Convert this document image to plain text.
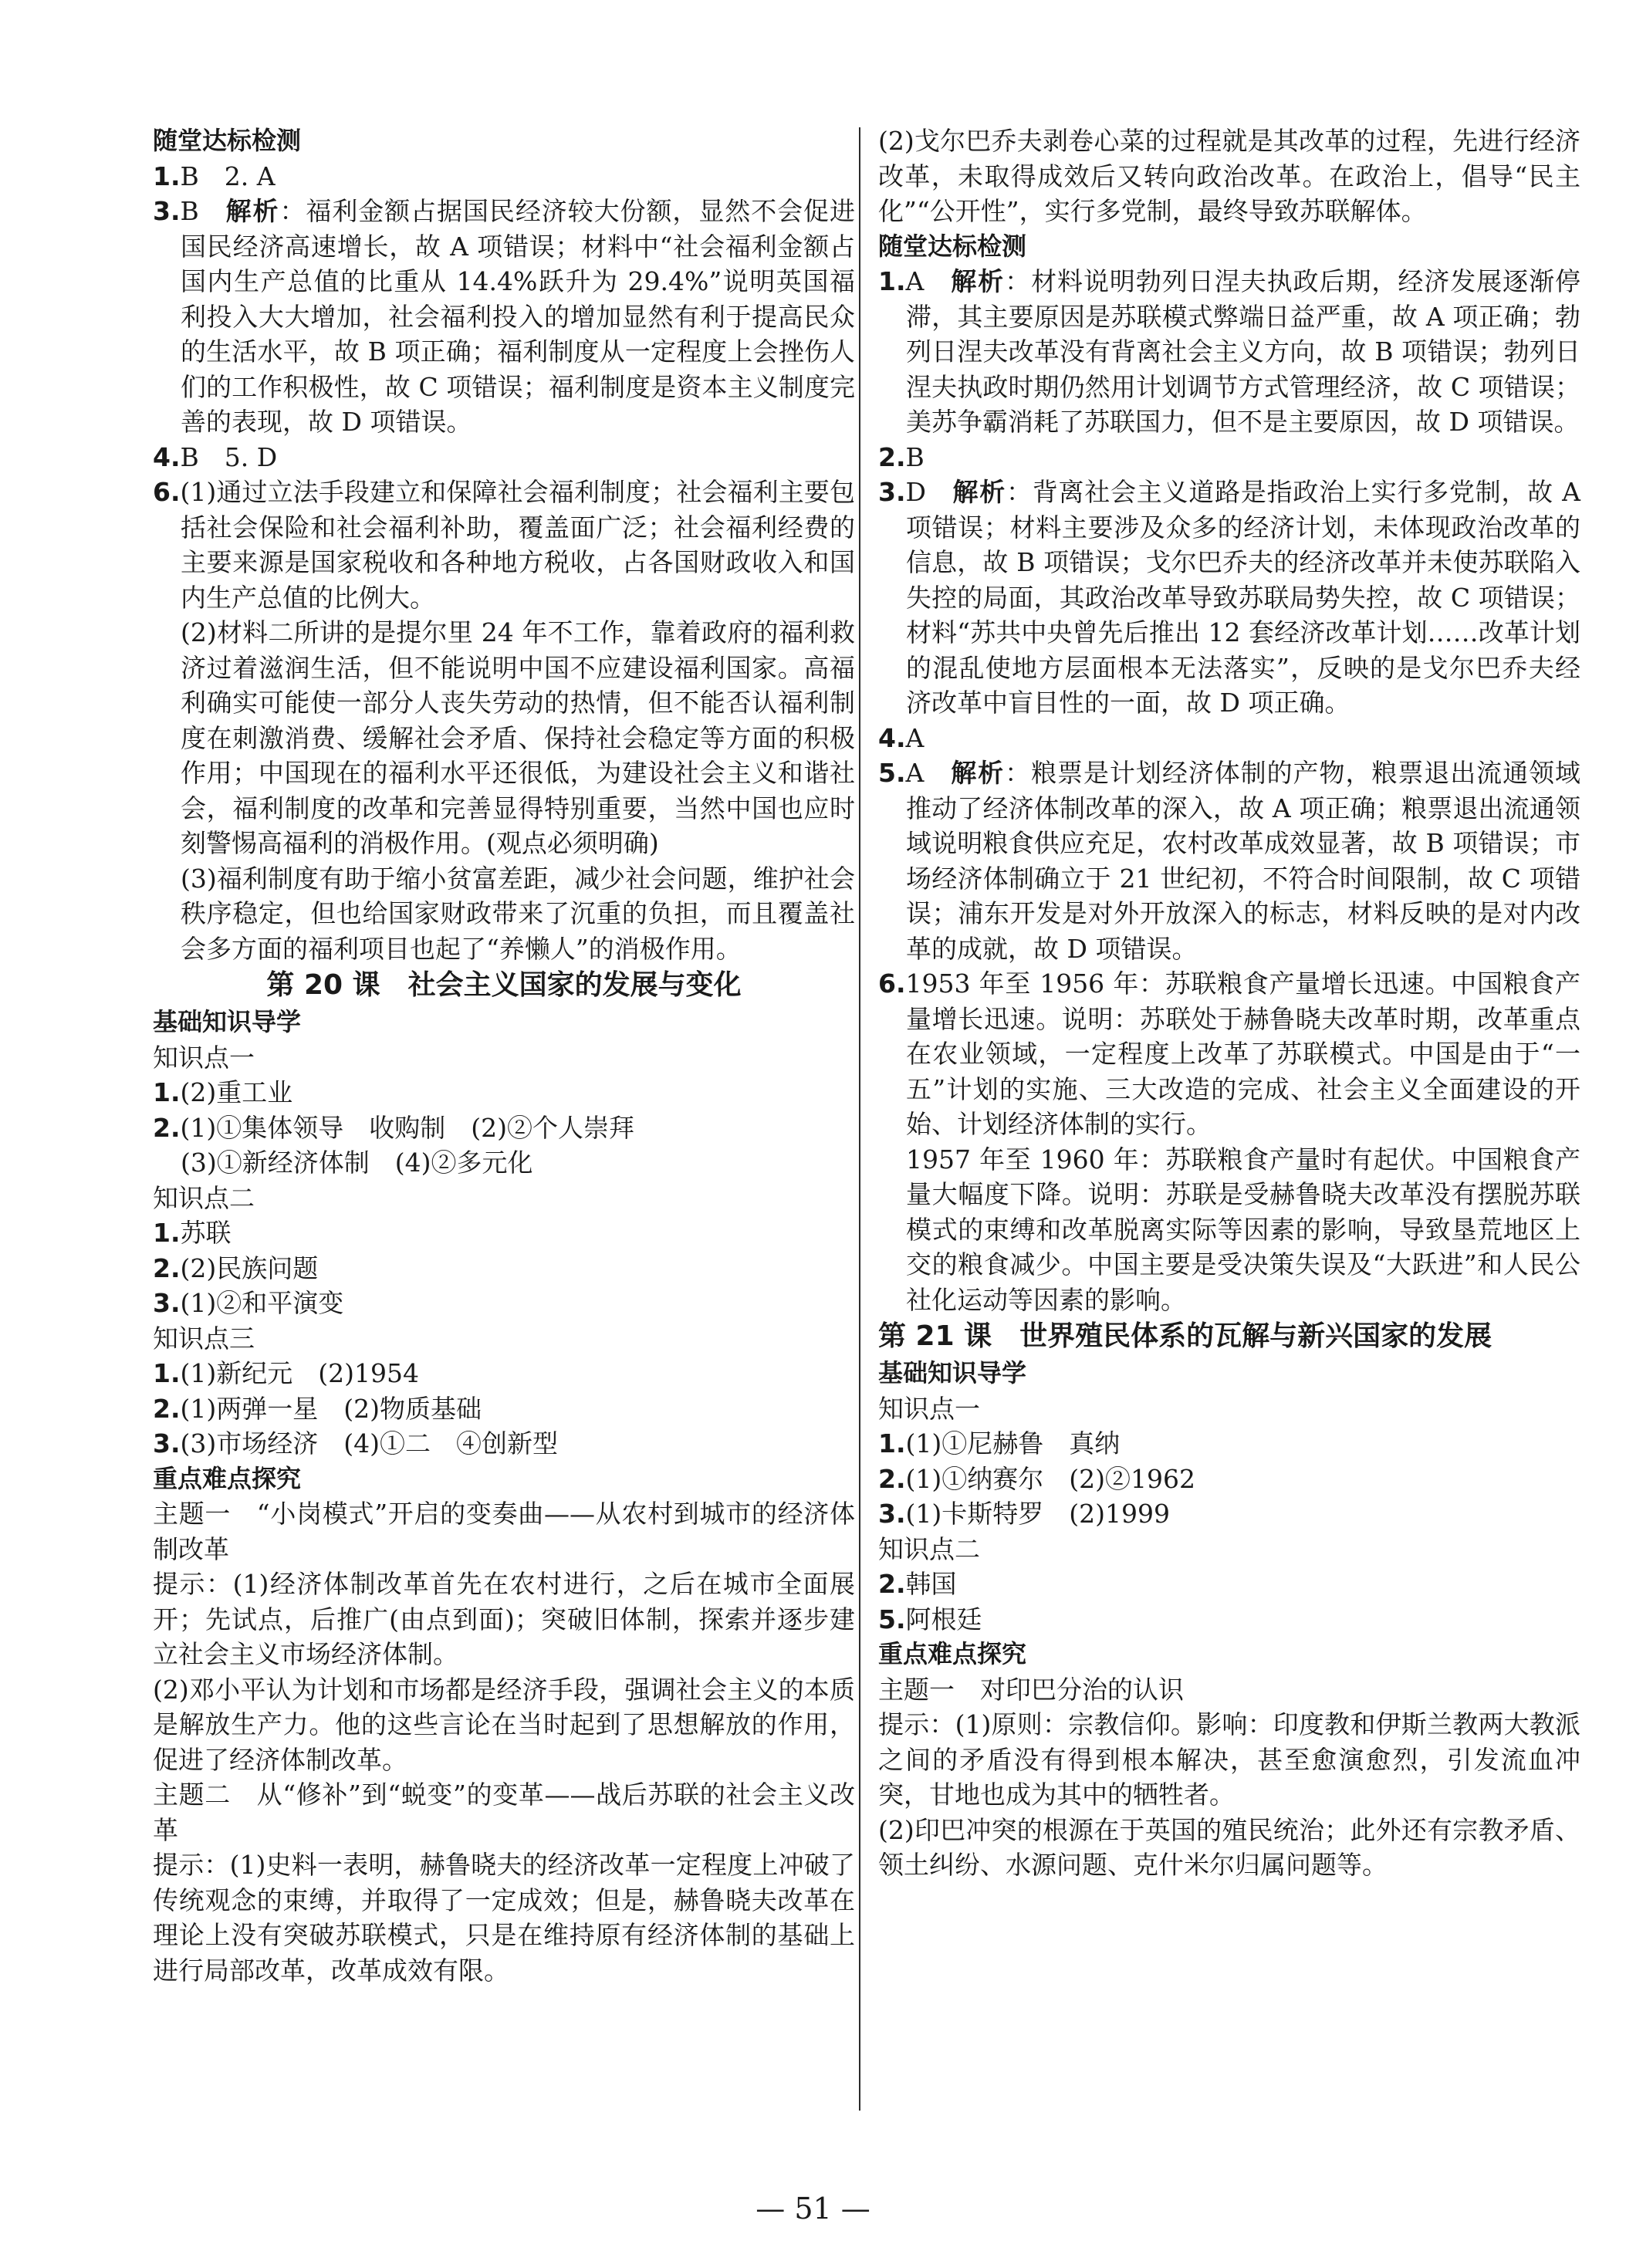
随堂达标检测

1.B　2. A

3.B　解析：福利金额占据国民经济较大份额，显然不会促进国民经济高速增长，故 A 项错误；材料中“社会福利金额占国内生产总值的比重从 14.4%跃升为 29.4%”说明英国福利投入大大增加，社会福利投入的增加显然有利于提高民众的生活水平，故 B 项正确；福利制度从一定程度上会挫伤人们的工作积极性，故 C 项错误；福利制度是资本主义制度完善的表现，故 D 项错误。

4.B　5. D

6.(1)通过立法手段建立和保障社会福利制度；社会福利主要包括社会保险和社会福利补助，覆盖面广泛；社会福利经费的主要来源是国家税收和各种地方税收，占各国财政收入和国内生产总值的比例大。

(2)材料二所讲的是提尔里 24 年不工作，靠着政府的福利救济过着滋润生活，但不能说明中国不应建设福利国家。高福利确实可能使一部分人丧失劳动的热情，但不能否认福利制度在刺激消费、缓解社会矛盾、保持社会稳定等方面的积极作用；中国现在的福利水平还很低，为建设社会主义和谐社会，福利制度的改革和完善显得特别重要，当然中国也应时刻警惕高福利的消极作用。(观点必须明确)

(3)福利制度有助于缩小贫富差距，减少社会问题，维护社会秩序稳定，但也给国家财政带来了沉重的负担，而且覆盖社会多方面的福利项目也起了“养懒人”的消极作用。

第 20 课　社会主义国家的发展与变化
基础知识导学

知识点一

1.(2)重工业

2.(1)①集体领导　收购制　(2)②个人崇拜

(3)①新经济体制　(4)②多元化

知识点二

1.苏联

2.(2)民族问题

3.(1)②和平演变

知识点三

1.(1)新纪元　(2)1954

2.(1)两弹一星　(2)物质基础

3.(3)市场经济　(4)①二　④创新型

重点难点探究

主题一　“小岗模式”开启的变奏曲——从农村到城市的经济体制改革

提示：(1)经济体制改革首先在农村进行，之后在城市全面展开；先试点，后推广(由点到面)；突破旧体制，探索并逐步建立社会主义市场经济体制。

(2)邓小平认为计划和市场都是经济手段，强调社会主义的本质是解放生产力。他的这些言论在当时起到了思想解放的作用，促进了经济体制改革。

主题二　从“修补”到“蜕变”的变革——战后苏联的社会主义改革

提示：(1)史料一表明，赫鲁晓夫的经济改革一定程度上冲破了传统观念的束缚，并取得了一定成效；但是，赫鲁晓夫改革在理论上没有突破苏联模式，只是在维持原有经济体制的基础上进行局部改革，改革成效有限。

(2)戈尔巴乔夫剥卷心菜的过程就是其改革的过程，先进行经济改革，未取得成效后又转向政治改革。在政治上，倡导“民主化”“公开性”，实行多党制，最终导致苏联解体。

随堂达标检测

1.A　解析：材料说明勃列日涅夫执政后期，经济发展逐渐停滞，其主要原因是苏联模式弊端日益严重，故 A 项正确；勃列日涅夫改革没有背离社会主义方向，故 B 项错误；勃列日涅夫执政时期仍然用计划调节方式管理经济，故 C 项错误；美苏争霸消耗了苏联国力，但不是主要原因，故 D 项错误。

2.B

3.D　解析：背离社会主义道路是指政治上实行多党制，故 A 项错误；材料主要涉及众多的经济计划，未体现政治改革的信息，故 B 项错误；戈尔巴乔夫的经济改革并未使苏联陷入失控的局面，其政治改革导致苏联局势失控，故 C 项错误；材料“苏共中央曾先后推出 12 套经济改革计划……改革计划的混乱使地方层面根本无法落实”，反映的是戈尔巴乔夫经济改革中盲目性的一面，故 D 项正确。

4.A

5.A　解析：粮票是计划经济体制的产物，粮票退出流通领域推动了经济体制改革的深入，故 A 项正确；粮票退出流通领域说明粮食供应充足，农村改革成效显著，故 B 项错误；市场经济体制确立于 21 世纪初，不符合时间限制，故 C 项错误；浦东开发是对外开放深入的标志，材料反映的是对内改革的成就，故 D 项错误。

6.1953 年至 1956 年：苏联粮食产量增长迅速。中国粮食产量增长迅速。说明：苏联处于赫鲁晓夫改革时期，改革重点在农业领域，一定程度上改革了苏联模式。中国是由于“一五”计划的实施、三大改造的完成、社会主义全面建设的开始、计划经济体制的实行。

1957 年至 1960 年：苏联粮食产量时有起伏。中国粮食产量大幅度下降。说明：苏联是受赫鲁晓夫改革没有摆脱苏联模式的束缚和改革脱离实际等因素的影响，导致垦荒地区上交的粮食减少。中国主要是受决策失误及“大跃进”和人民公社化运动等因素的影响。

第 21 课　世界殖民体系的瓦解与新兴国家的发展
基础知识导学

知识点一

1.(1)①尼赫鲁　真纳

2.(1)①纳赛尔　(2)②1962

3.(1)卡斯特罗　(2)1999

知识点二

2.韩国

5.阿根廷

重点难点探究

主题一　对印巴分治的认识

提示：(1)原则：宗教信仰。影响：印度教和伊斯兰教两大教派之间的矛盾没有得到根本解决，甚至愈演愈烈，引发流血冲突，甘地也成为其中的牺牲者。

(2)印巴冲突的根源在于英国的殖民统治；此外还有宗教矛盾、领土纠纷、水源问题、克什米尔归属问题等。

— 51 —
